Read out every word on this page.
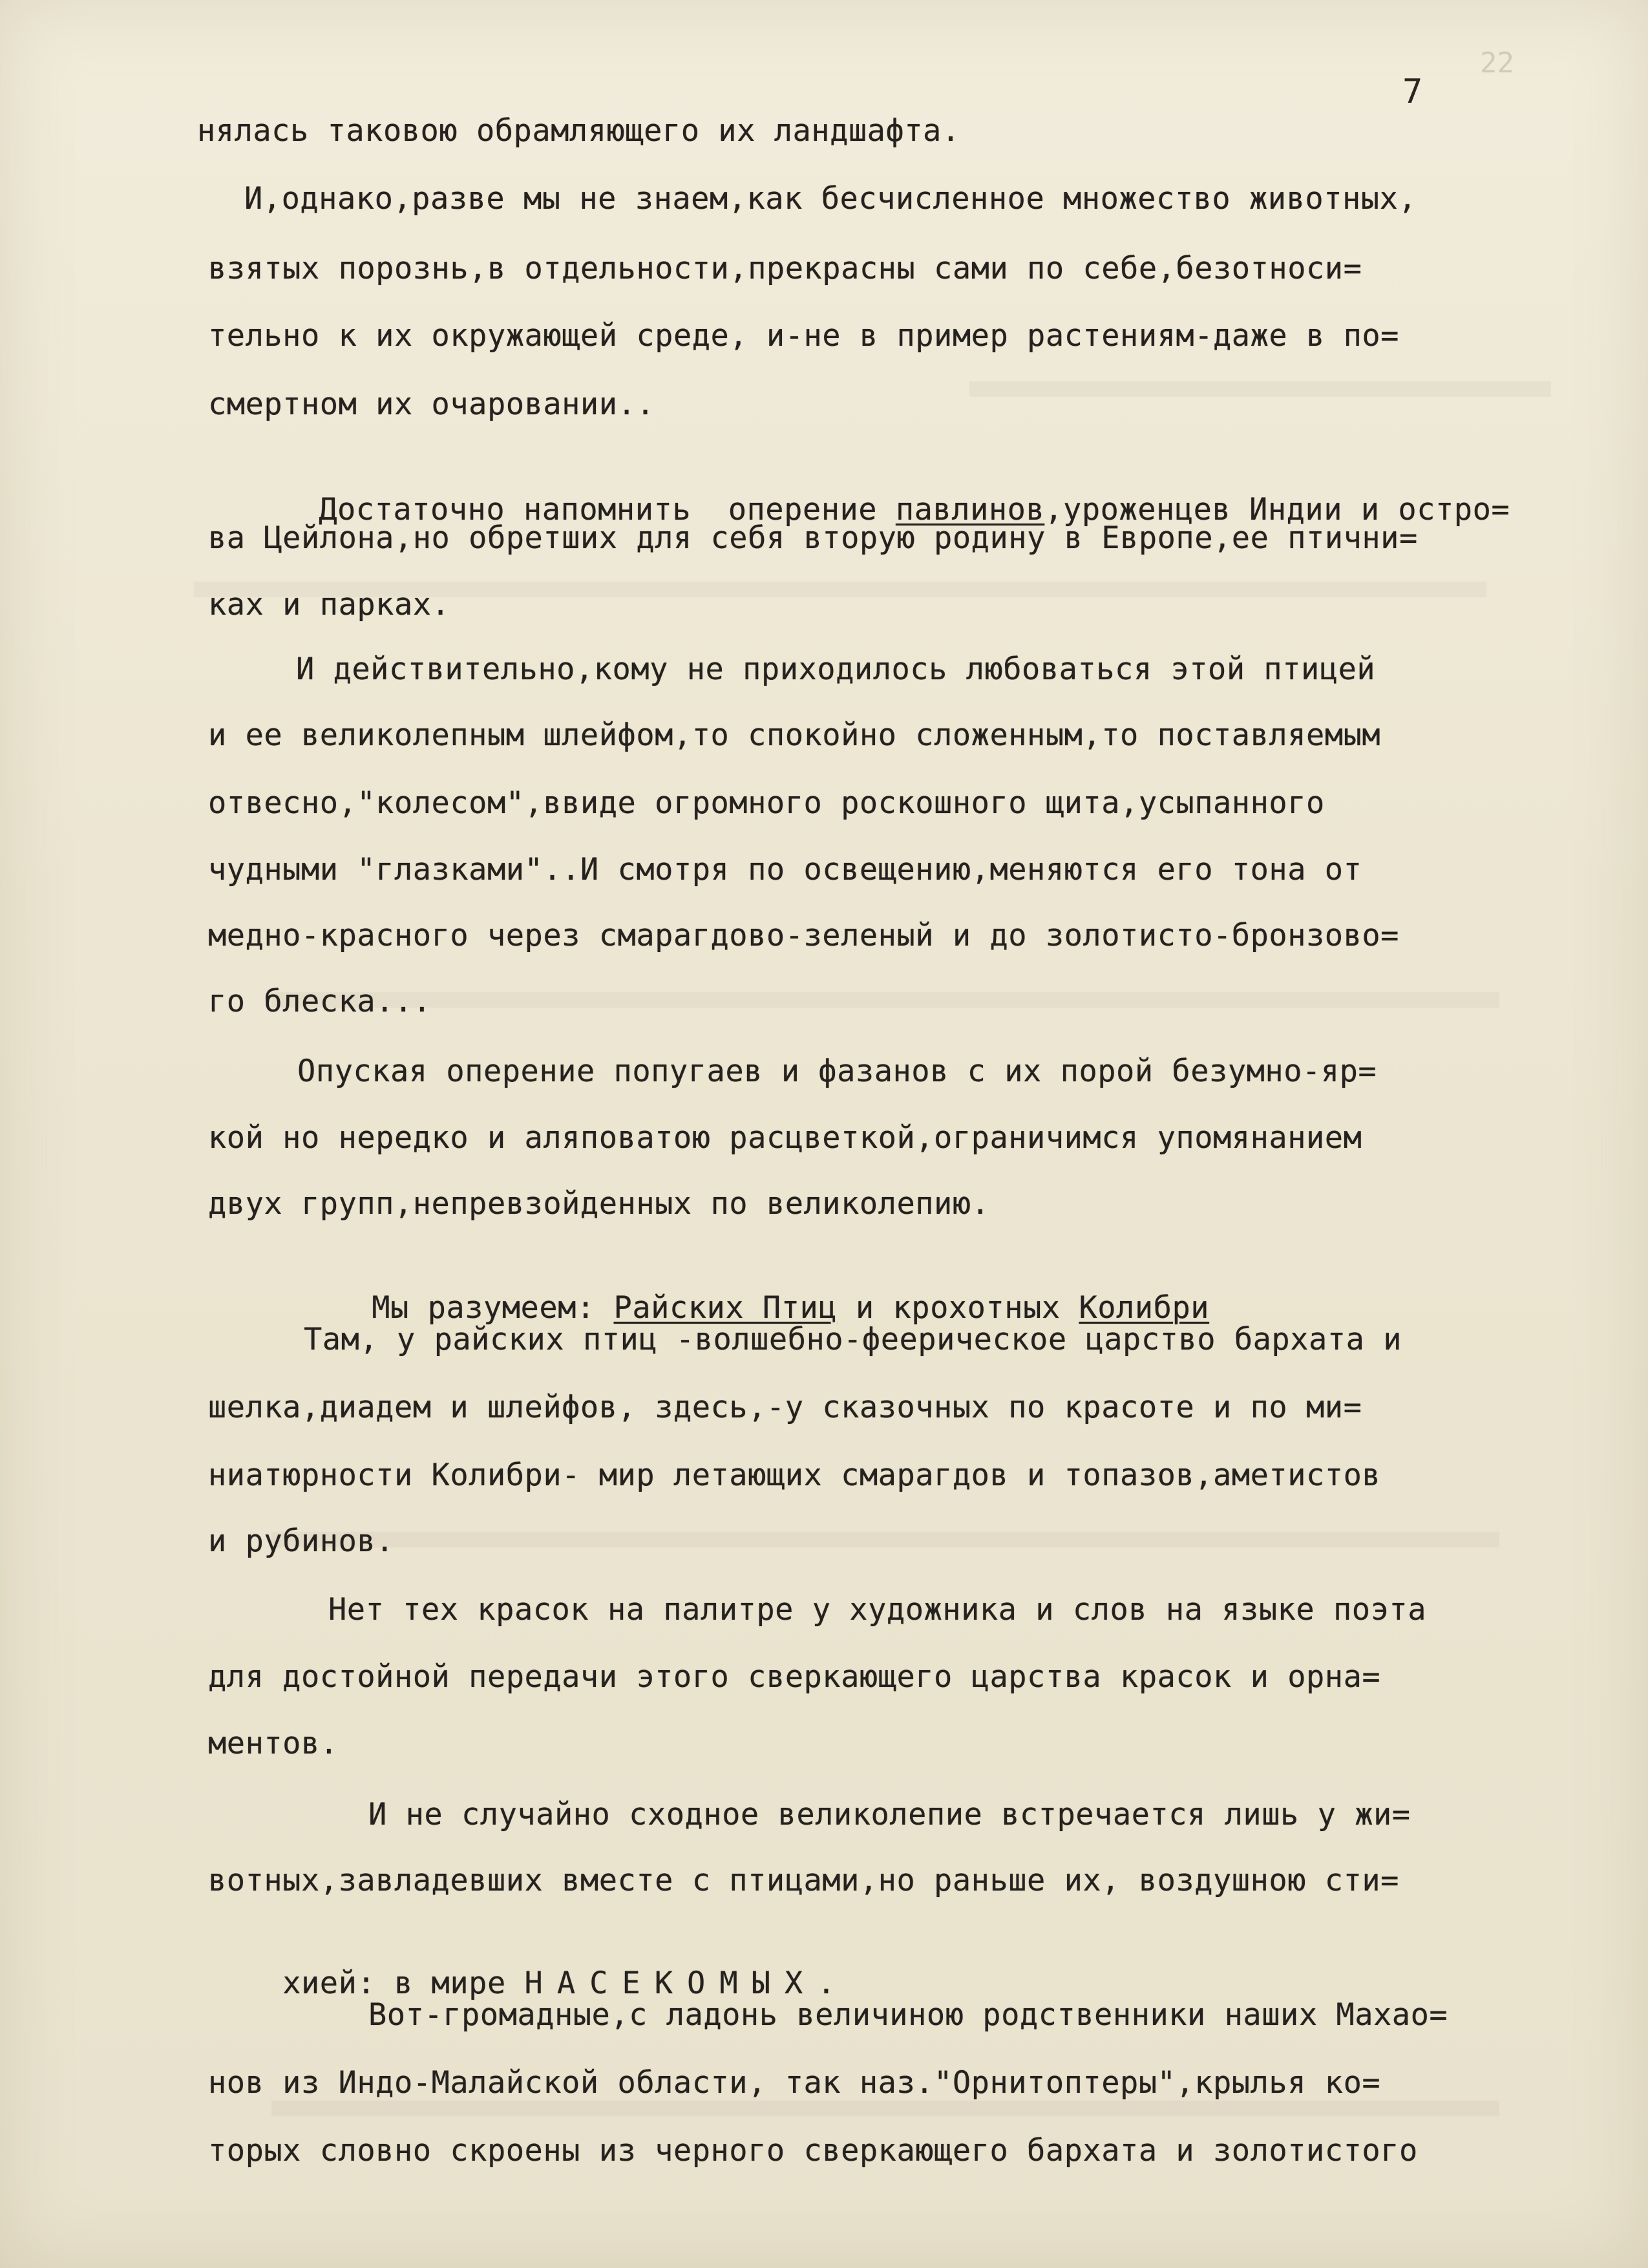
22
7
нялась таковою обрамляющего их ландшафта.
И,однако,разве мы не знаем,как бесчисленное множество животных,
взятых порознь,в отдельности,прекрасны сами по себе,безотноси=
тельно к их окружающей среде, и-не в пример растениям-даже в по=
смертном их очаровании..

Достаточно напомнить  оперение павлинов,уроженцев Индии и остро=

ва Цейлона,но обретших для себя вторую родину в Европе,ее птични=
ках и парках.
И действительно,кому не приходилось любоваться этой птицей
и ее великолепным шлейфом,то спокойно сложенным,то поставляемым
отвесно,"колесом",ввиде огромного роскошного щита,усыпанного
чудными "глазками"..И смотря по освещению,меняются его тона от
медно-красного через смарагдово-зеленый и до золотисто-бронзово=
го блеска...
Опуская оперение попугаев и фазанов с их порой безумно-яр=
кой но нередко и аляповатою расцветкой,ограничимся упомянанием
двух групп,непревзойденных по великолепию.

Мы разумеем: Райских Птиц и крохотных Колибри

Там, у райских птиц -волшебно-феерическое царство бархата и
шелка,диадем и шлейфов, здесь,-у сказочных по красоте и по ми=
ниатюрности Колибри- мир летающих смарагдов и топазов,аметистов
и рубинов.
Нет тех красок на палитре у художника и слов на языке поэта
для достойной передачи этого сверкающего царства красок и орна=
ментов.
И не случайно сходное великолепие встречается лишь у жи=
вотных,завладевших вместе с птицами,но раньше их, воздушною сти=

хией: в мире НАСЕКОМЫХ.

Вот-громадные,с ладонь величиною родственники наших Махао=
нов из Индо-Малайской области, так наз."Орнитоптеры",крылья ко=
торых словно скроены из черного сверкающего бархата и золотистого
